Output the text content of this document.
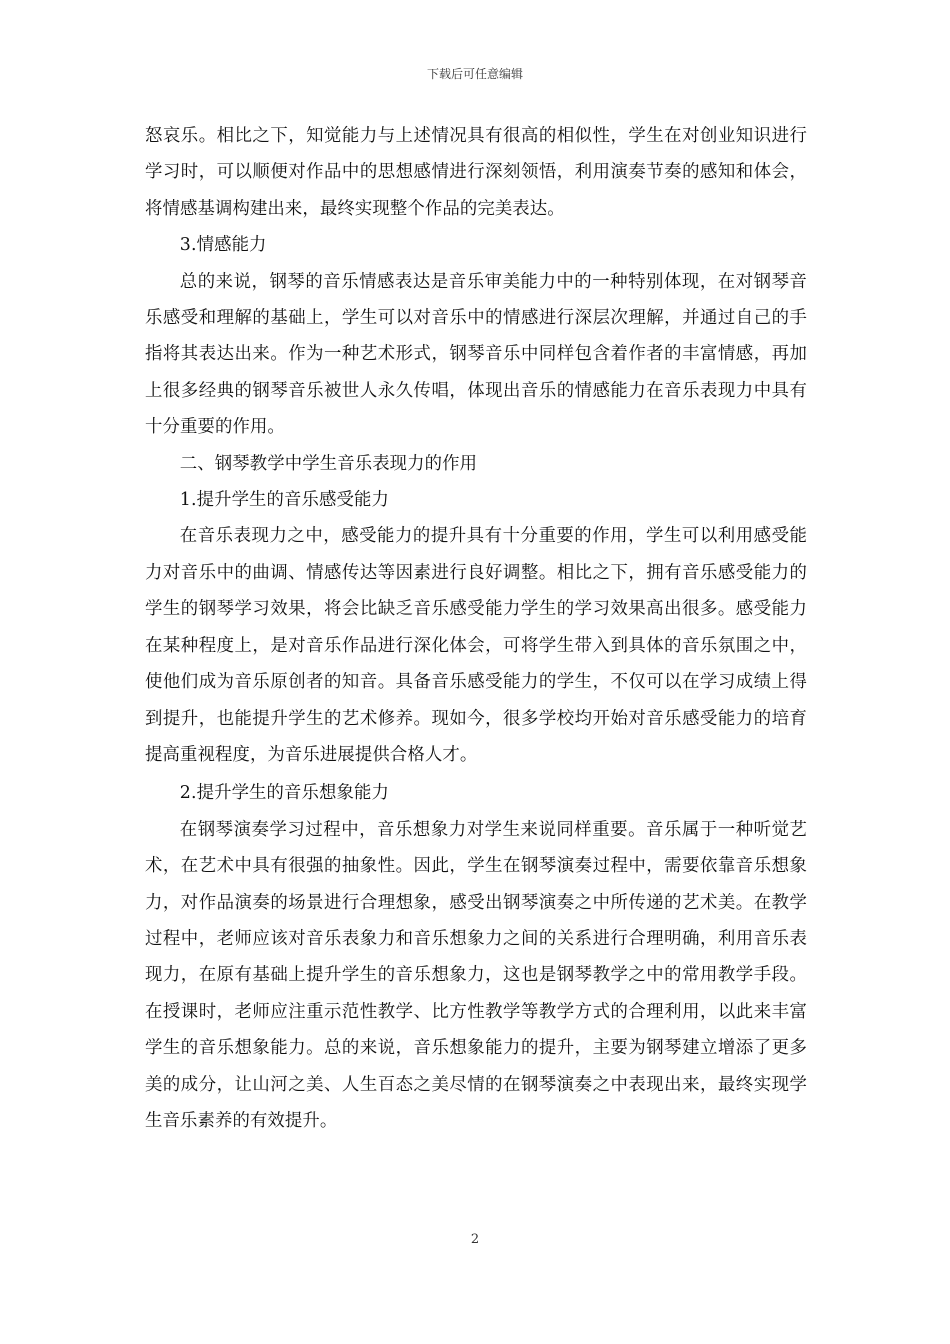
下载后可任意编辑

怒哀乐。相比之下，知觉能力与上述情况具有很高的相似性，学生在对创业知识进行学习时，可以顺便对作品中的思想感情进行深刻领悟，利用演奏节奏的感知和体会，将情感基调构建出来，最终实现整个作品的完美表达。

3.情感能力

总的来说，钢琴的音乐情感表达是音乐审美能力中的一种特别体现，在对钢琴音乐感受和理解的基础上，学生可以对音乐中的情感进行深层次理解，并通过自己的手指将其表达出来。作为一种艺术形式，钢琴音乐中同样包含着作者的丰富情感，再加上很多经典的钢琴音乐被世人永久传唱，体现出音乐的情感能力在音乐表现力中具有十分重要的作用。

二、钢琴教学中学生音乐表现力的作用

1.提升学生的音乐感受能力

在音乐表现力之中，感受能力的提升具有十分重要的作用，学生可以利用感受能力对音乐中的曲调、情感传达等因素进行良好调整。相比之下，拥有音乐感受能力的学生的钢琴学习效果，将会比缺乏音乐感受能力学生的学习效果高出很多。感受能力在某种程度上，是对音乐作品进行深化体会，可将学生带入到具体的音乐氛围之中，使他们成为音乐原创者的知音。具备音乐感受能力的学生，不仅可以在学习成绩上得到提升，也能提升学生的艺术修养。现如今，很多学校均开始对音乐感受能力的培育提高重视程度，为音乐进展提供合格人才。

2.提升学生的音乐想象能力

在钢琴演奏学习过程中，音乐想象力对学生来说同样重要。音乐属于一种听觉艺术，在艺术中具有很强的抽象性。因此，学生在钢琴演奏过程中，需要依靠音乐想象力，对作品演奏的场景进行合理想象，感受出钢琴演奏之中所传递的艺术美。在教学过程中，老师应该对音乐表象力和音乐想象力之间的关系进行合理明确，利用音乐表现力，在原有基础上提升学生的音乐想象力，这也是钢琴教学之中的常用教学手段。在授课时，老师应注重示范性教学、比方性教学等教学方式的合理利用，以此来丰富学生的音乐想象能力。总的来说，音乐想象能力的提升，主要为钢琴建立增添了更多美的成分，让山河之美、人生百态之美尽情的在钢琴演奏之中表现出来，最终实现学生音乐素养的有效提升。

2
